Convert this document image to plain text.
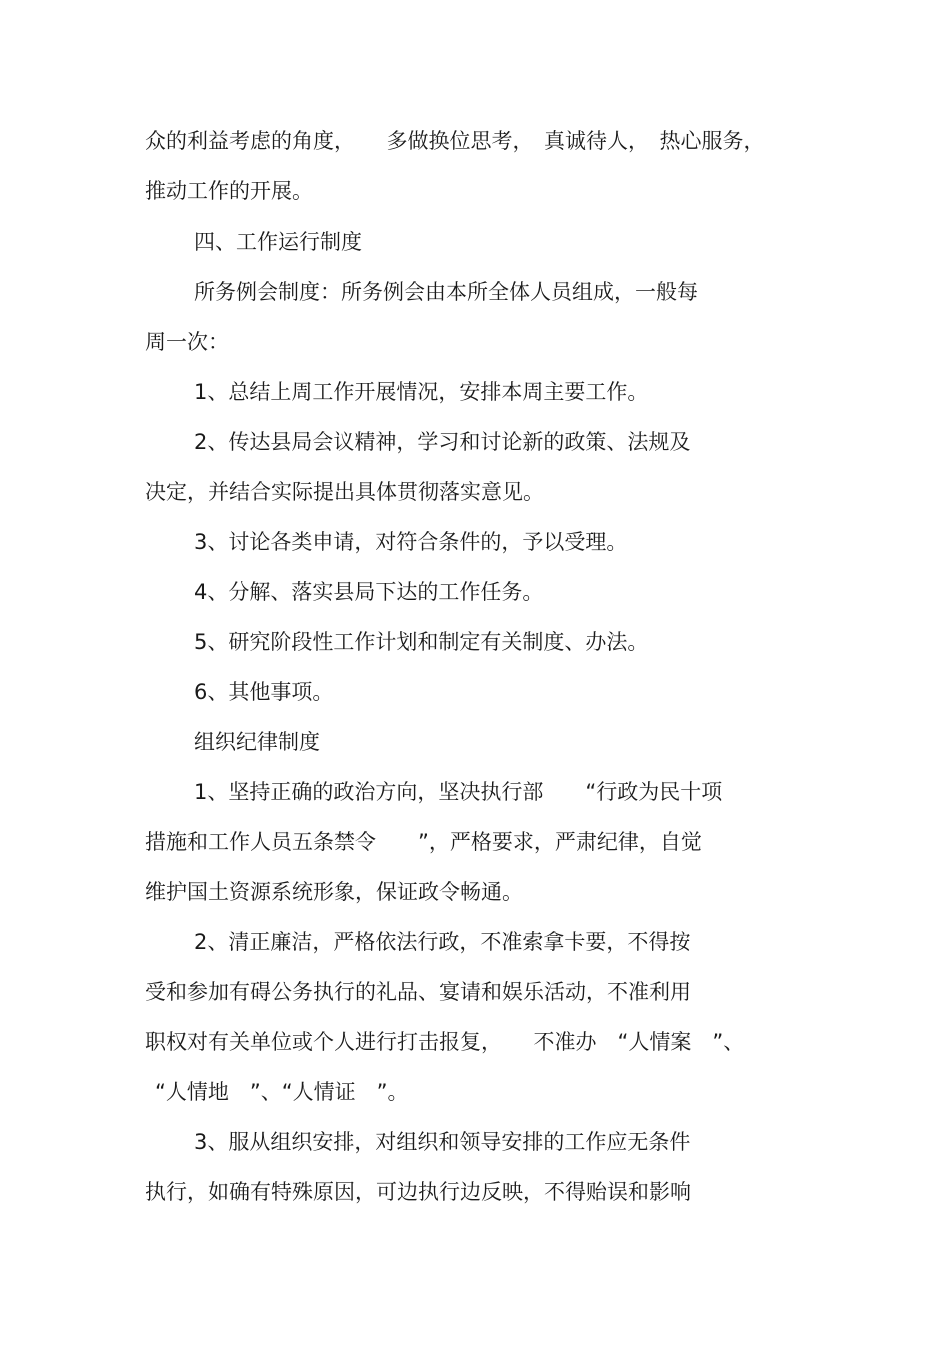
众的利益考虑的角度，　　多做换位思考，　真诚待人，　热心服务，

推动工作的开展。

四、工作运行制度

所务例会制度：所务例会由本所全体人员组成，一般每

周一次：

1、总结上周工作开展情况，安排本周主要工作。

2、传达县局会议精神，学习和讨论新的政策、法规及

决定，并结合实际提出具体贯彻落实意见。

3、讨论各类申请，对符合条件的，予以受理。

4、分解、落实县局下达的工作任务。

5、研究阶段性工作计划和制定有关制度、办法。

6、其他事项。

组织纪律制度

1、坚持正确的政治方向，坚决执行部　　“行政为民十项

措施和工作人员五条禁令　　”，严格要求，严肃纪律，自觉

维护国土资源系统形象，保证政令畅通。

2、清正廉洁，严格依法行政，不准索拿卡要，不得按

受和参加有碍公务执行的礼品、宴请和娱乐活动，不准利用

职权对有关单位或个人进行打击报复，　　不准办　“人情案　”、

“人情地　”、“人情证　”。

3、服从组织安排，对组织和领导安排的工作应无条件

执行，如确有特殊原因，可边执行边反映，不得贻误和影响
